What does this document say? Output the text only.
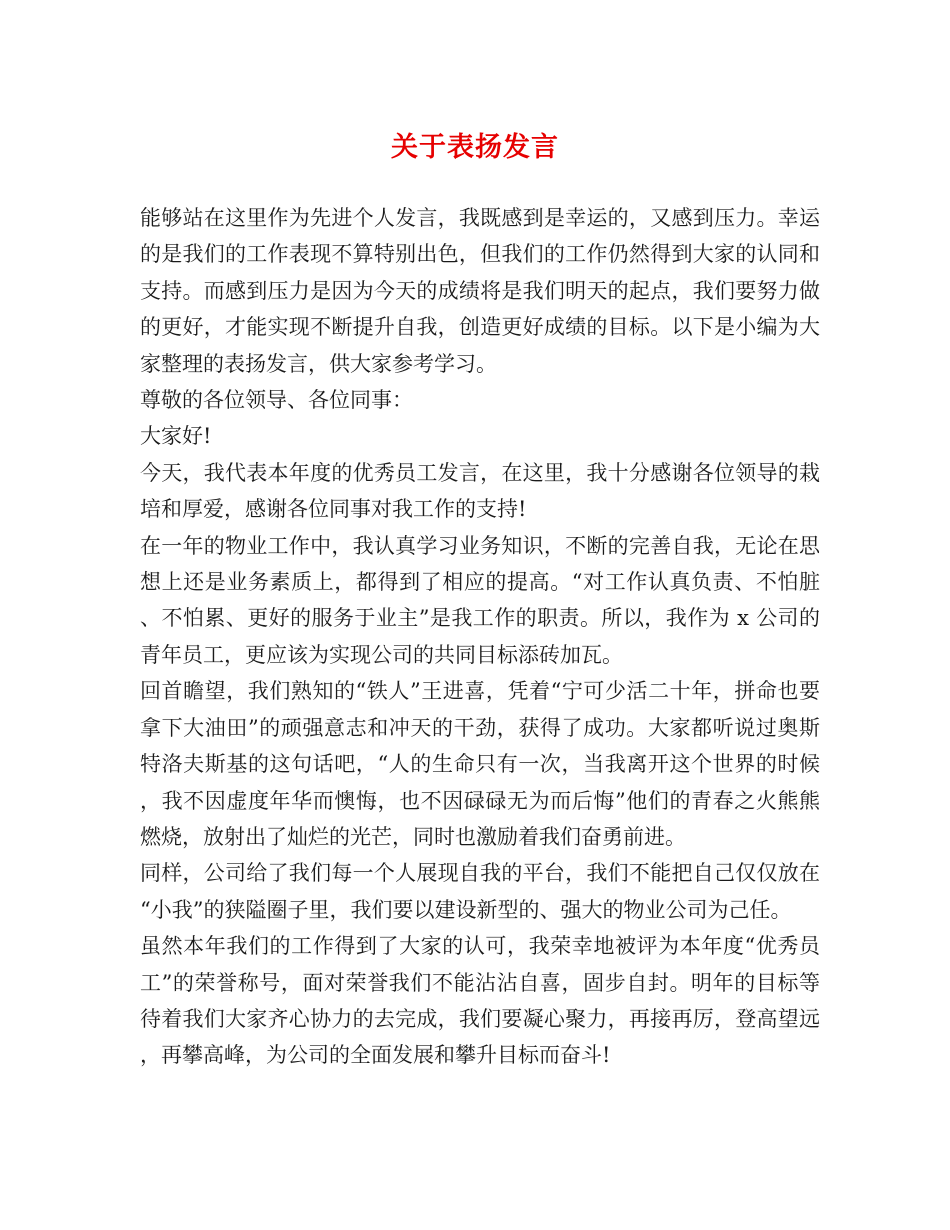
关于表扬发言

能够站在这里作为先进个人发言，我既感到是幸运的，又感到压力。幸运的是我们的工作表现不算特别出色，但我们的工作仍然得到大家的认同和支持。而感到压力是因为今天的成绩将是我们明天的起点，我们要努力做的更好，才能实现不断提升自我，创造更好成绩的目标。以下是小编为大家整理的表扬发言，供大家参考学习。

尊敬的各位领导、各位同事：

大家好!

今天，我代表本年度的优秀员工发言，在这里，我十分感谢各位领导的栽培和厚爱，感谢各位同事对我工作的支持!

在一年的物业工作中，我认真学习业务知识，不断的完善自我，无论在思想上还是业务素质上，都得到了相应的提高。“对工作认真负责、不怕脏、不怕累、更好的服务于业主”是我工作的职责。所以，我作为 x 公司的青年员工，更应该为实现公司的共同目标添砖加瓦。

回首瞻望，我们熟知的“铁人”王进喜，凭着“宁可少活二十年，拼命也要拿下大油田”的顽强意志和冲天的干劲，获得了成功。大家都听说过奥斯特洛夫斯基的这句话吧，“人的生命只有一次，当我离开这个世界的时候，我不因虚度年华而懊悔，也不因碌碌无为而后悔”他们的青春之火熊熊燃烧，放射出了灿烂的光芒，同时也激励着我们奋勇前进。

同样，公司给了我们每一个人展现自我的平台，我们不能把自己仅仅放在“小我”的狭隘圈子里，我们要以建设新型的、强大的物业公司为己任。

虽然本年我们的工作得到了大家的认可，我荣幸地被评为本年度“优秀员工”的荣誉称号，面对荣誉我们不能沾沾自喜，固步自封。明年的目标等待着我们大家齐心协力的去完成，我们要凝心聚力，再接再厉，登高望远，再攀高峰，为公司的全面发展和攀升目标而奋斗!
